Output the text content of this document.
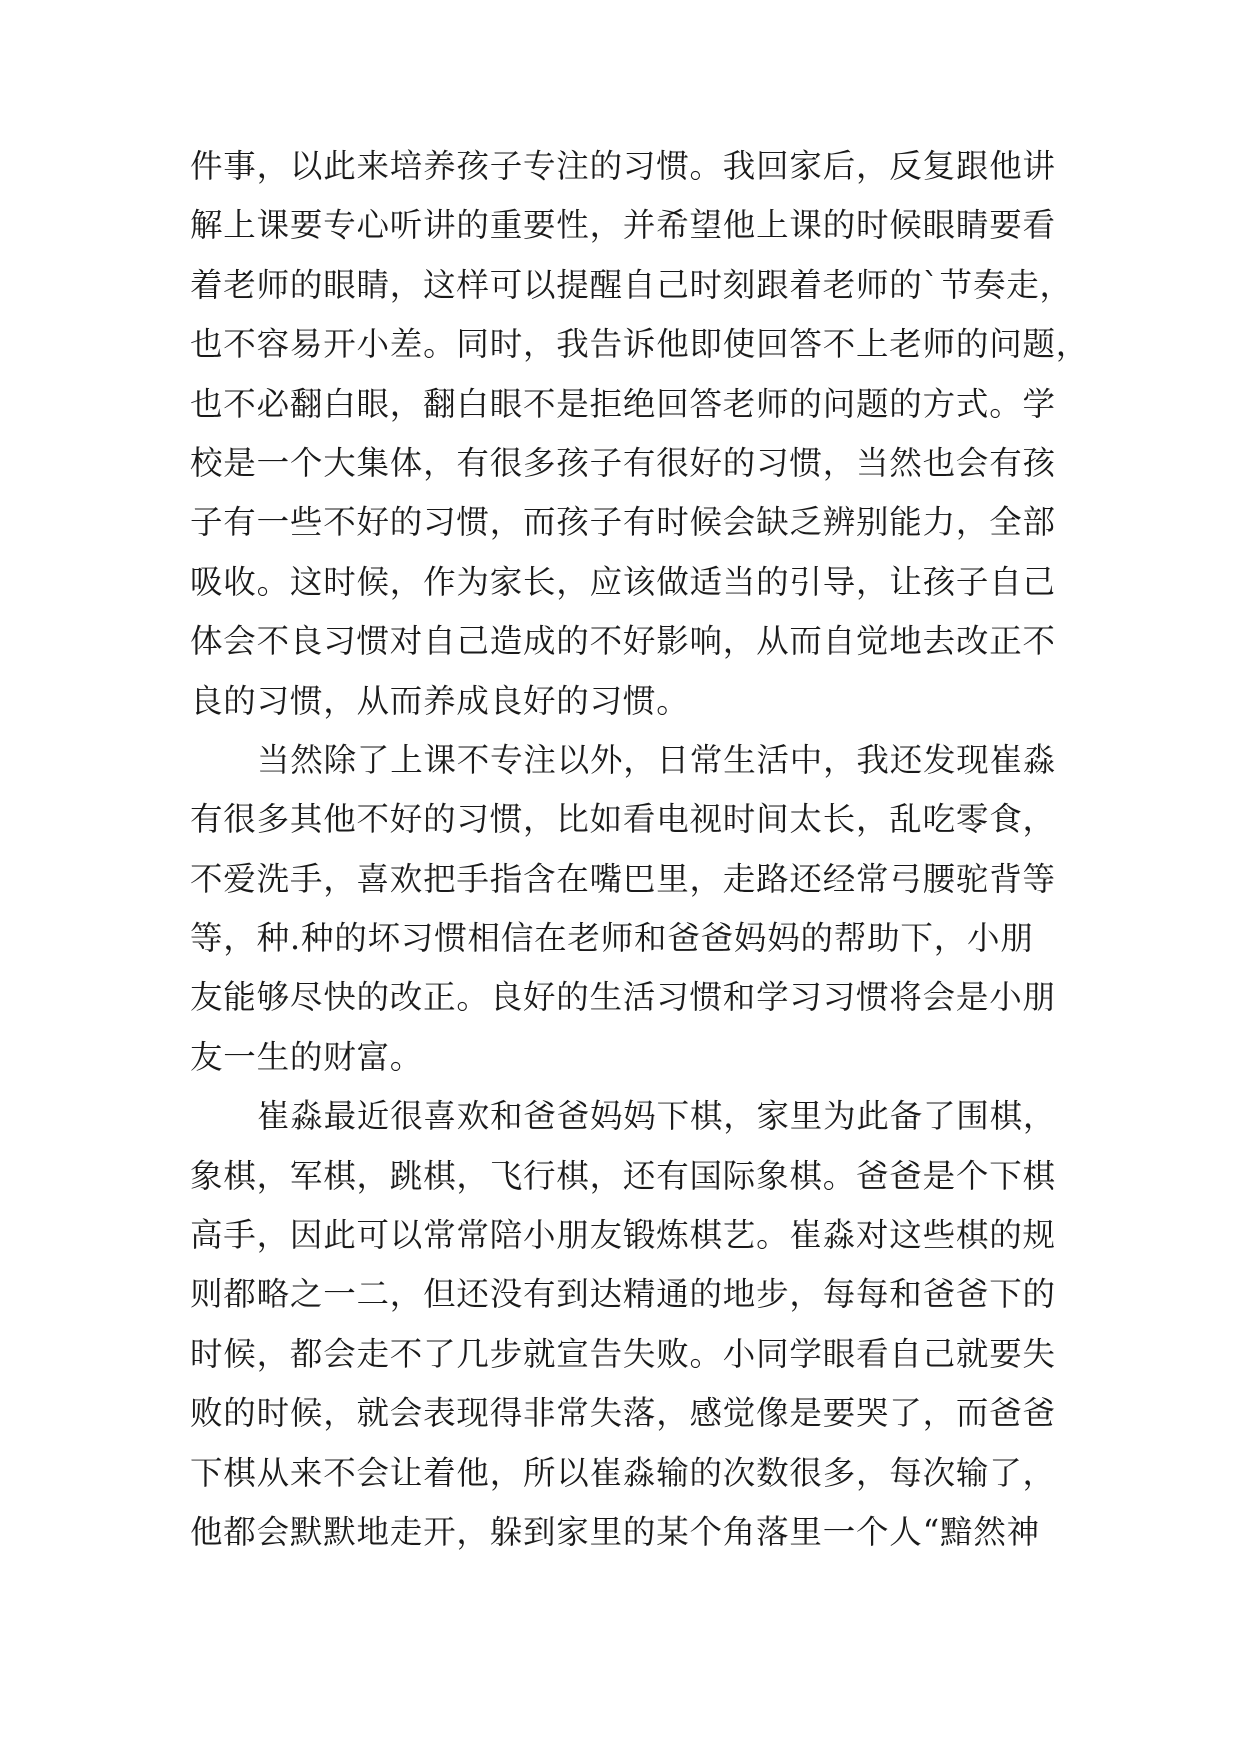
件事，以此来培养孩子专注的习惯。我回家后，反复跟他讲
解上课要专心听讲的重要性，并希望他上课的时候眼睛要看
着老师的眼睛，这样可以提醒自己时刻跟着老师的`节奏走，
也不容易开小差。同时，我告诉他即使回答不上老师的问题，
也不必翻白眼，翻白眼不是拒绝回答老师的问题的方式。学
校是一个大集体，有很多孩子有很好的习惯，当然也会有孩
子有一些不好的习惯，而孩子有时候会缺乏辨别能力，全部
吸收。这时候，作为家长，应该做适当的引导，让孩子自己
体会不良习惯对自己造成的不好影响，从而自觉地去改正不
良的习惯，从而养成良好的习惯。
当然除了上课不专注以外，日常生活中，我还发现崔淼
有很多其他不好的习惯，比如看电视时间太长，乱吃零食，
不爱洗手，喜欢把手指含在嘴巴里，走路还经常弓腰驼背等
等，种.种的坏习惯相信在老师和爸爸妈妈的帮助下，小朋
友能够尽快的改正。良好的生活习惯和学习习惯将会是小朋
友一生的财富。
崔淼最近很喜欢和爸爸妈妈下棋，家里为此备了围棋，
象棋，军棋，跳棋，飞行棋，还有国际象棋。爸爸是个下棋
高手，因此可以常常陪小朋友锻炼棋艺。崔淼对这些棋的规
则都略之一二，但还没有到达精通的地步，每每和爸爸下的
时候，都会走不了几步就宣告失败。小同学眼看自己就要失
败的时候，就会表现得非常失落，感觉像是要哭了，而爸爸
下棋从来不会让着他，所以崔淼输的次数很多，每次输了，
他都会默默地走开，躲到家里的某个角落里一个人“黯然神
